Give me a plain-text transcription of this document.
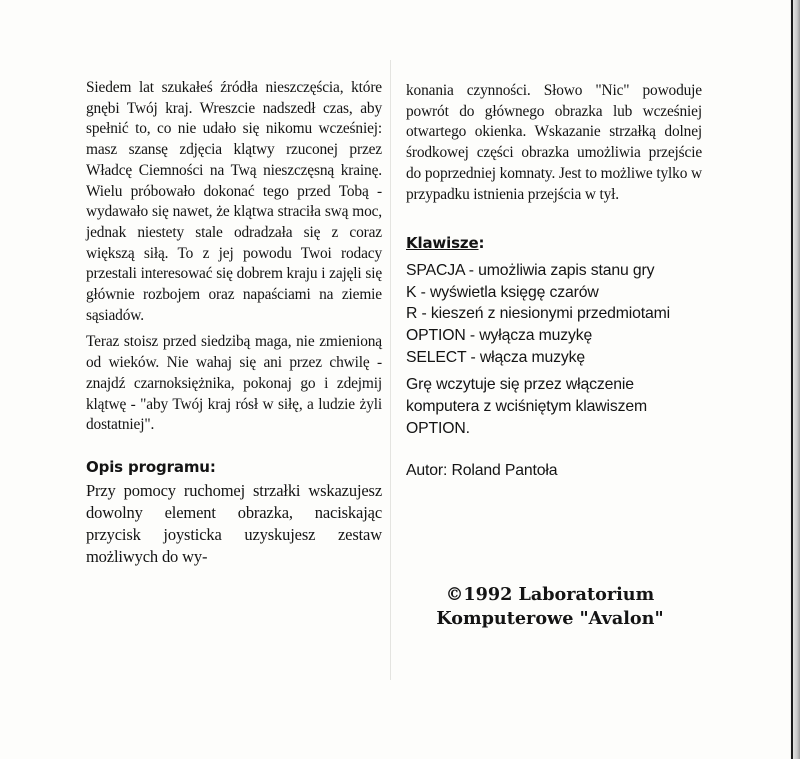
Siedem lat szukałeś źródła nieszczęścia, które gnębi Twój kraj. Wreszcie nadszedł czas, aby spełnić to, co nie udało się nikomu wcześniej: masz szansę zdjęcia klątwy rzuconej przez Władcę Ciemności na Twą nieszczęsną krainę. Wielu próbowało dokonać tego przed Tobą - wydawało się nawet, że klątwa straciła swą moc, jednak niestety stale odradzała się z coraz większą siłą. To z jej powodu Twoi rodacy przestali interesować się dobrem kraju i zajęli się głównie rozbojem oraz napaściami na ziemie sąsiadów.

Teraz stoisz przed siedzibą maga, nie zmienioną od wieków. Nie wahaj się ani przez chwilę - znajdź czarnoksiężnika, pokonaj go i zdejmij klątwę - "aby Twój kraj rósł w siłę, a ludzie żyli dostatniej".

Opis programu:

Przy pomocy ruchomej strzałki wskazujesz dowolny element obrazka, naciskając przycisk joysticka uzyskujesz zestaw możliwych do wy-

konania czynności. Słowo "Nic" powoduje powrót do głównego obrazka lub wcześniej otwartego okienka. Wskazanie strzałką dolnej środkowej części obrazka umożliwia przejście do poprzedniej komnaty. Jest to możliwe tylko w przypadku istnienia przejścia w tył.

Klawisze:

SPACJA - umożliwia zapis stanu gry

K - wyświetla księgę czarów

R - kieszeń z niesionymi przedmiotami

OPTION - wyłącza muzykę

SELECT - włącza muzykę

Grę wczytuje się przez włączenie komputera z wciśniętym klawiszem OPTION.

Autor: Roland Pantoła

©1992 Laboratorium
Komputerowe "Avalon"
